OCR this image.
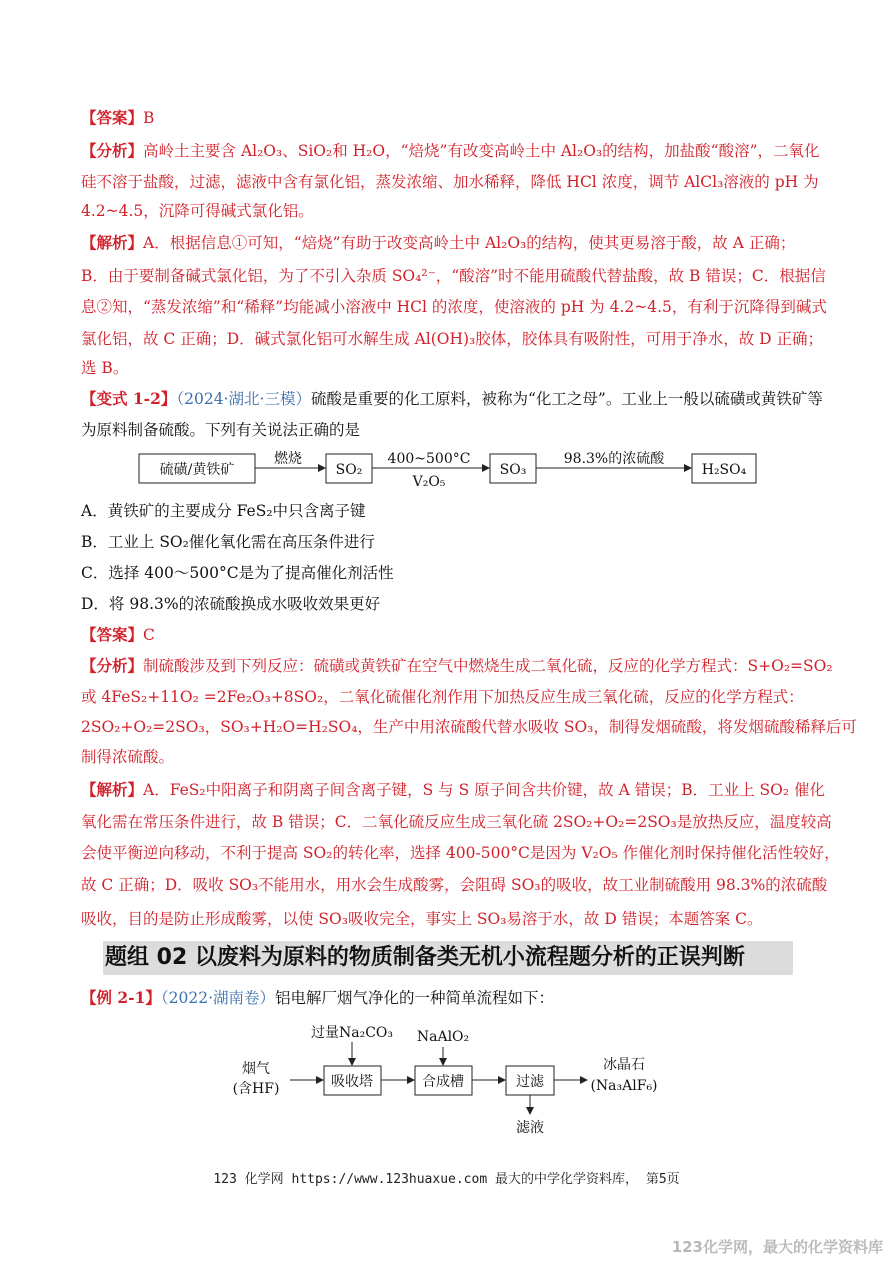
【答案】B
【分析】高岭土主要含 Al₂O₃、SiO₂和 H₂O，“焙烧”有改变高岭土中 Al₂O₃的结构，加盐酸“酸溶”，二氧化
硅不溶于盐酸，过滤，滤液中含有氯化铝，蒸发浓缩、加水稀释，降低 HCl 浓度，调节 AlCl₃溶液的 pH 为
4.2~4.5，沉降可得碱式氯化铝。
【解析】A．根据信息①可知，“焙烧”有助于改变高岭土中 Al₂O₃的结构，使其更易溶于酸，故 A 正确；
B．由于要制备碱式氯化铝，为了不引入杂质 SO₄²⁻，“酸溶”时不能用硫酸代替盐酸，故 B 错误；C．根据信
息②知，“蒸发浓缩”和“稀释”均能减小溶液中 HCl 的浓度，使溶液的 pH 为 4.2~4.5，有利于沉降得到碱式
氯化铝，故 C 正确；D．碱式氯化铝可水解生成 Al(OH)₃胶体，胶体具有吸附性，可用于净水，故 D 正确；
选 B。
【变式 1-2】（2024·湖北·三模）硫酸是重要的化工原料，被称为“化工之母”。工业上一般以硫磺或黄铁矿等
为原料制备硫酸。下列有关说法正确的是
硫磺/黄铁矿
燃烧
SO₂
400~500°C
V₂O₅
SO₃
98.3%的浓硫酸
H₂SO₄
A．黄铁矿的主要成分 FeS₂中只含离子键
B．工业上 SO₂催化氧化需在高压条件进行
C．选择 400～500°C是为了提高催化剂活性
D．将 98.3%的浓硫酸换成水吸收效果更好
【答案】C
【分析】制硫酸涉及到下列反应：硫磺或黄铁矿在空气中燃烧生成二氧化硫，反应的化学方程式：S+O₂=SO₂
或 4FeS₂+11O₂ =2Fe₂O₃+8SO₂，二氧化硫催化剂作用下加热反应生成三氧化硫，反应的化学方程式：
2SO₂+O₂=2SO₃，SO₃+H₂O=H₂SO₄，生产中用浓硫酸代替水吸收 SO₃，制得发烟硫酸，将发烟硫酸稀释后可
制得浓硫酸。
【解析】A．FeS₂中阳离子和阴离子间含离子键，S 与 S 原子间含共价键，故 A 错误；B．工业上 SO₂ 催化
氧化需在常压条件进行，故 B 错误；C．二氧化硫反应生成三氧化硫 2SO₂+O₂=2SO₃是放热反应，温度较高
会使平衡逆向移动，不利于提高 SO₂的转化率，选择 400-500°C是因为 V₂O₅ 作催化剂时保持催化活性较好，
故 C 正确；D．吸收 SO₃不能用水，用水会生成酸雾，会阻碍 SO₃的吸收，故工业制硫酸用 98.3%的浓硫酸
吸收，目的是防止形成酸雾，以使 SO₃吸收完全，事实上 SO₃易溶于水，故 D 错误；本题答案 C。
题组 02 以废料为原料的物质制备类无机小流程题分析的正误判断
【例 2-1】（2022·湖南卷）铝电解厂烟气净化的一种简单流程如下：
烟气
(含HF)
过量Na₂CO₃
吸收塔
NaAlO₂
合成槽	过滤
冰晶石
(Na₃AlF₆)
滤液
123 化学网 https://www.123huaxue.com 最大的中学化学资料库， 第5页
123化学网，最大的化学资料库
